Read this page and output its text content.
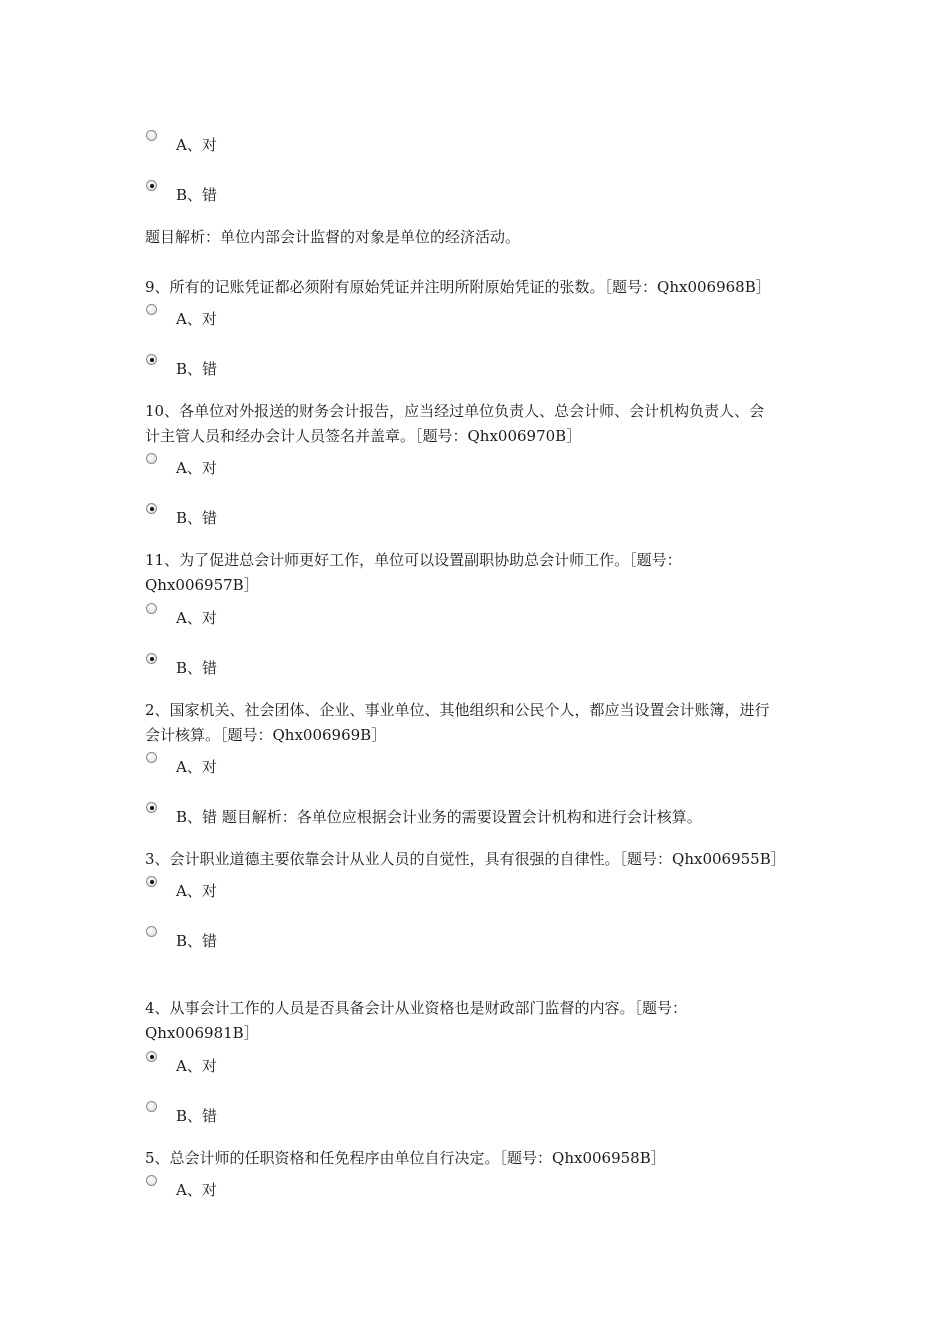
A、对
B、错
题目解析：单位内部会计监督的对象是单位的经济活动。
9、所有的记账凭证都必须附有原始凭证并注明所附原始凭证的张数。［题号：Qhx006968B］
A、对
B、错
10、各单位对外报送的财务会计报告，应当经过单位负责人、总会计师、会计机构负责人、会
计主管人员和经办会计人员签名并盖章。［题号：Qhx006970B］
A、对
B、错
11、为了促进总会计师更好工作，单位可以设置副职协助总会计师工作。［题号：
Qhx006957B］
A、对
B、错
2、国家机关、社会团体、企业、事业单位、其他组织和公民个人，都应当设置会计账簿，进行
会计核算。［题号：Qhx006969B］
A、对
B、错 题目解析：各单位应根据会计业务的需要设置会计机构和进行会计核算。
3、会计职业道德主要依靠会计从业人员的自觉性，具有很强的自律性。［题号：Qhx006955B］
A、对
B、错
4、从事会计工作的人员是否具备会计从业资格也是财政部门监督的内容。［题号：
Qhx006981B］
A、对
B、错
5、总会计师的任职资格和任免程序由单位自行决定。［题号：Qhx006958B］
A、对
